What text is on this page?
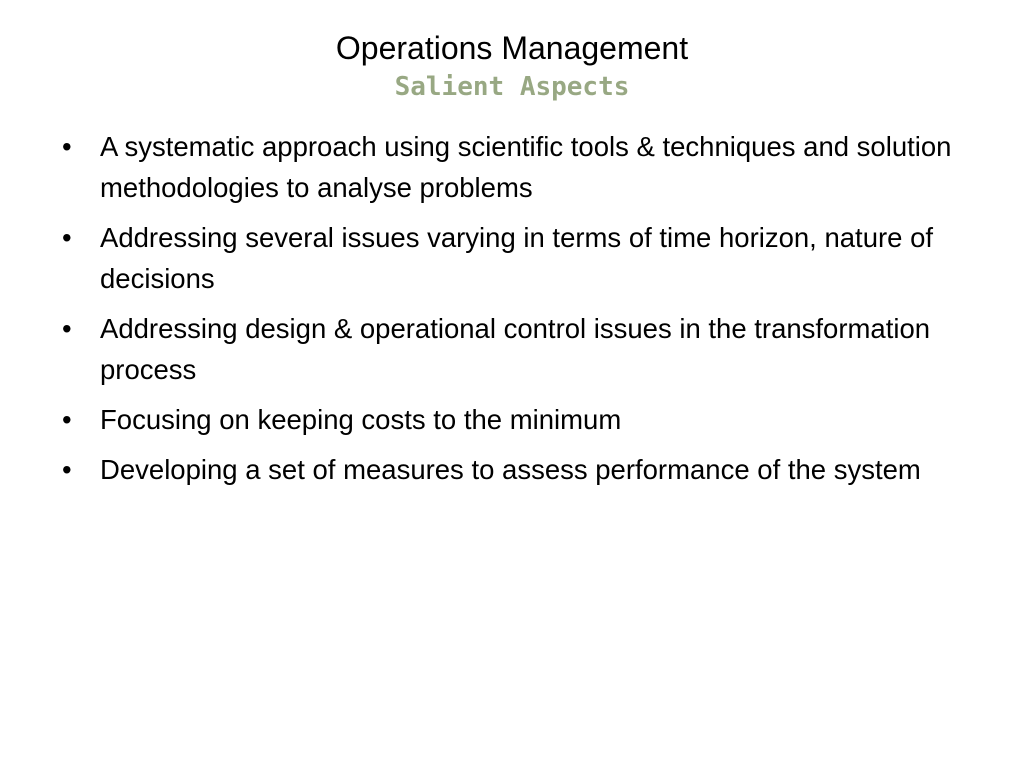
Operations Management
Salient Aspects
•	A systematic approach using scientific tools & techniques and solution methodologies to analyse problems
•	Addressing several issues varying in terms of time horizon, nature of decisions
•	Addressing design & operational control issues in the transformation process
•	Focusing on keeping costs to the minimum
•	Developing a set of measures to assess performance of the system
